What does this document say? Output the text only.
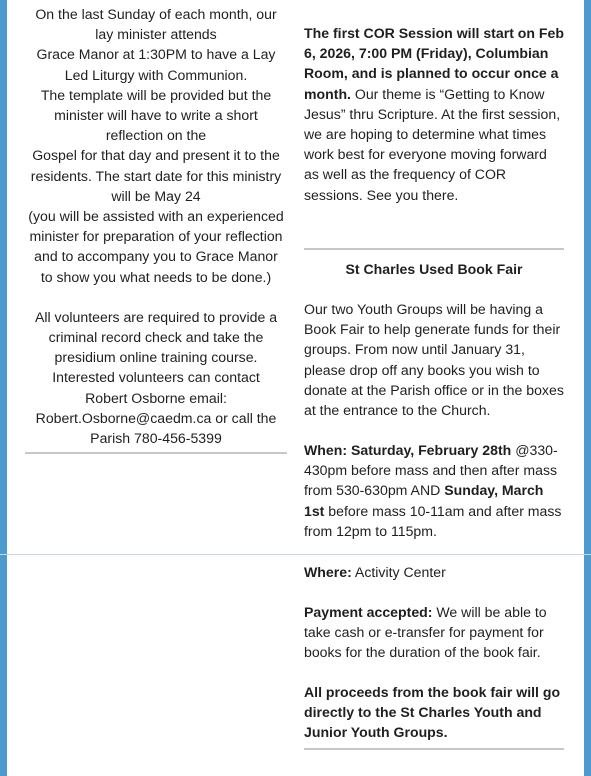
On the last Sunday of each month, our

lay minister attends

Grace Manor at 1:30PM to have a Lay

Led Liturgy with Communion.

The template will be provided but the

minister will have to write a short

reflection on the

Gospel for that day and present it to the

residents. The start date for this ministry

will be May 24

(you will be assisted with an experienced

minister for preparation of your reflection

and to accompany you to Grace Manor

to show you what needs to be done.)

All volunteers are required to provide a

criminal record check and take the

presidium online training course.

Interested volunteers can contact

Robert Osborne email:

Robert.Osborne@caedm.ca or call the

Parish 780-456-5399

The first COR Session will start on Feb 6, 2026, 7:00 PM (Friday), Columbian Room, and is planned to occur once a month. Our theme is “Getting to Know Jesus” thru Scripture. At the first session, we are hoping to determine what times work best for everyone moving forward as well as the frequency of COR sessions. See you there.

St Charles Used Book Fair

Our two Youth Groups will be having a Book Fair to help generate funds for their groups. From now until January 31, please drop off any books you wish to donate at the Parish office or in the boxes at the entrance to the Church.

When: Saturday, February 28th @330-430pm before mass and then after mass from 530-630pm AND Sunday, March 1st before mass 10-11am and after mass from 12pm to 115pm.

Where: Activity Center

Payment accepted: We will be able to take cash or e-transfer for payment for books for the duration of the book fair.

All proceeds from the book fair will go directly to the St Charles Youth and Junior Youth Groups.
